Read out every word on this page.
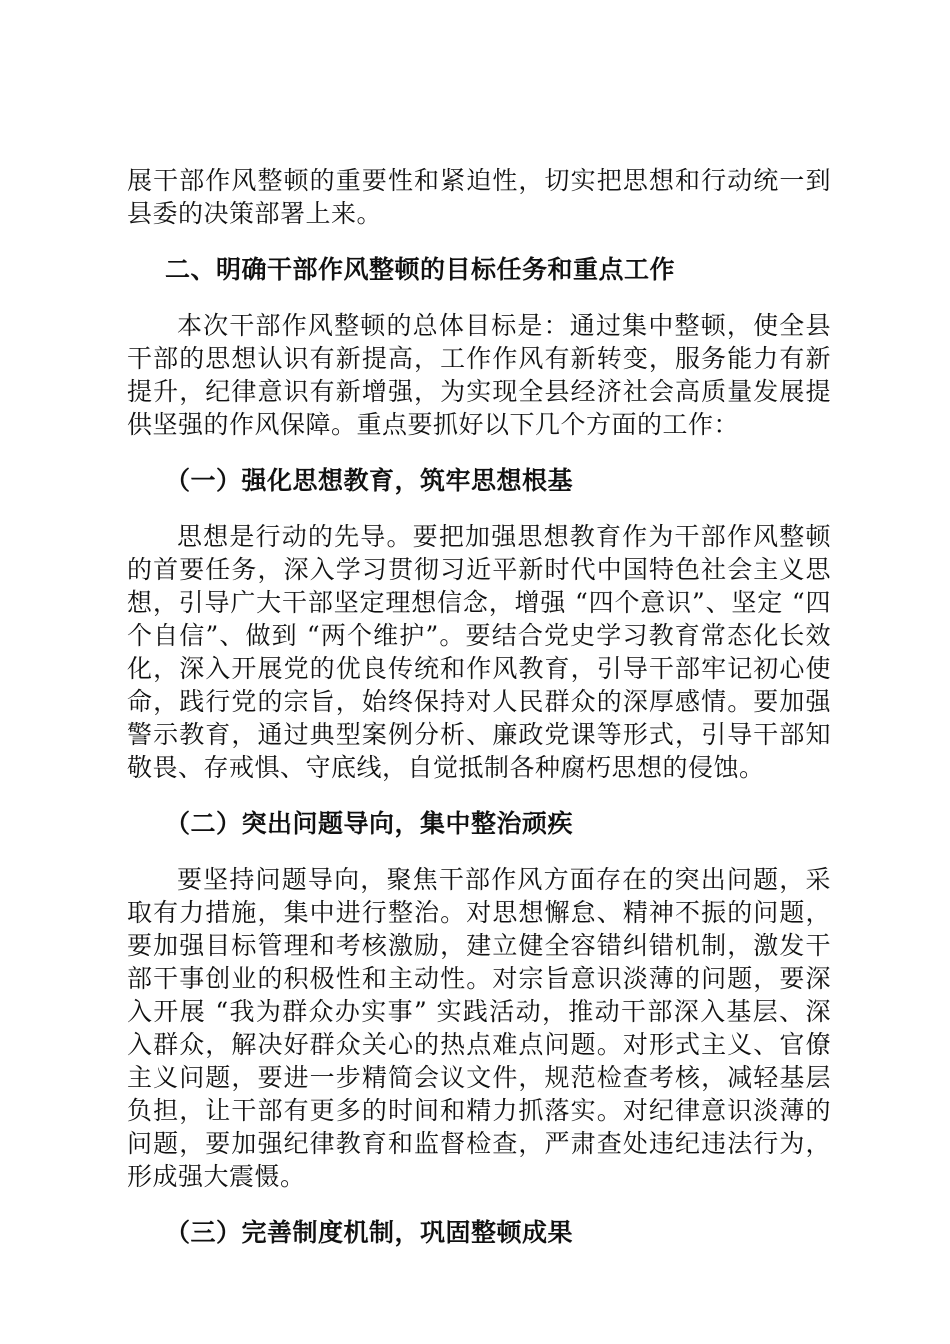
展干部作风整顿的重要性和紧迫性，切实把思想和行动统一到县委的决策部署上来。

二、明确干部作风整顿的目标任务和重点工作

本次干部作风整顿的总体目标是：通过集中整顿，使全县干部的思想认识有新提高，工作作风有新转变，服务能力有新提升，纪律意识有新增强，为实现全县经济社会高质量发展提供坚强的作风保障。重点要抓好以下几个方面的工作：

（一）强化思想教育，筑牢思想根基

思想是行动的先导。要把加强思想教育作为干部作风整顿的首要任务，深入学习贯彻习近平新时代中国特色社会主义思想，引导广大干部坚定理想信念，增强 “四个意识”、坚定 “四个自信”、做到 “两个维护”。要结合党史学习教育常态化长效化，深入开展党的优良传统和作风教育，引导干部牢记初心使命，践行党的宗旨，始终保持对人民群众的深厚感情。要加强警示教育，通过典型案例分析、廉政党课等形式，引导干部知敬畏、存戒惧、守底线，自觉抵制各种腐朽思想的侵蚀。

（二）突出问题导向，集中整治顽疾

要坚持问题导向，聚焦干部作风方面存在的突出问题，采取有力措施，集中进行整治。对思想懈怠、精神不振的问题，要加强目标管理和考核激励，建立健全容错纠错机制，激发干部干事创业的积极性和主动性。对宗旨意识淡薄的问题，要深入开展 “我为群众办实事” 实践活动，推动干部深入基层、深入群众，解决好群众关心的热点难点问题。对形式主义、官僚主义问题，要进一步精简会议文件，规范检查考核，减轻基层负担，让干部有更多的时间和精力抓落实。对纪律意识淡薄的问题，要加强纪律教育和监督检查，严肃查处违纪违法行为，形成强大震慑。

（三）完善制度机制，巩固整顿成果
